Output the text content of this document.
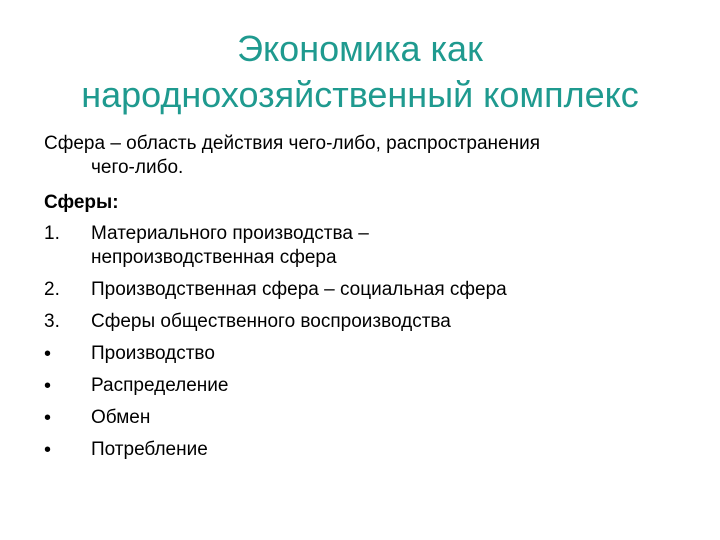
Экономика как
народнохозяйственный комплекс
Сфера – область действия чего-либо, распространения
чего-либо.
Сферы:
1.	Материального производства –
непроизводственная сфера
2.	Производственная сфера – социальная сфера
3.	Сферы общественного воспроизводства
•	Производство
•	Распределение
•	Обмен
•	Потребление
